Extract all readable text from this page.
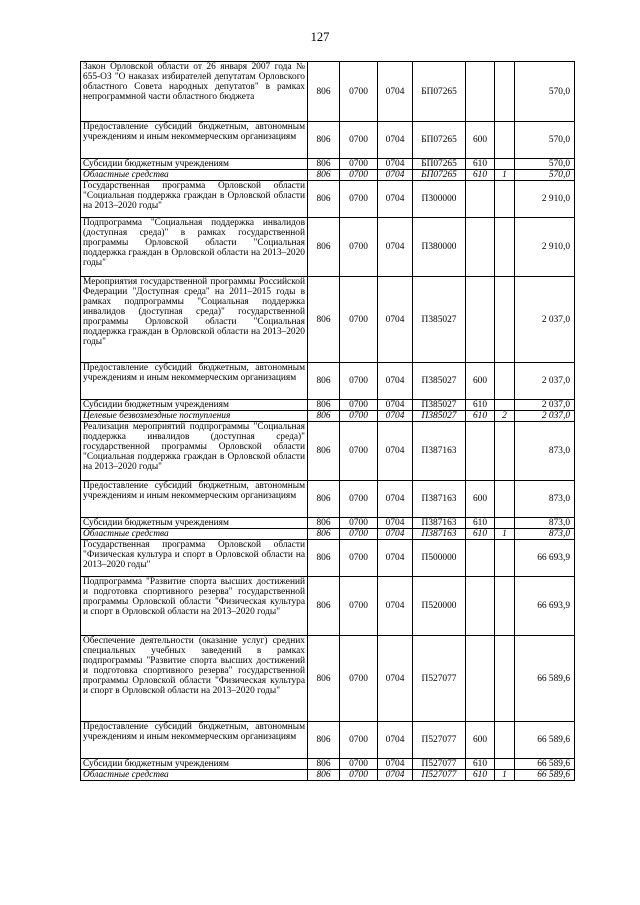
127
Закон Орловской области от 26 января 2007 года № 655-ОЗ "О наказах избирателей депутатам Орловского областного Совета народных депутатов" в рамках непрограммной части областного бюджета	806	0700	0704	БП07265			570,0
Предоставление субсидий бюджетным, автономным учреждениям и иным некоммерческим организациям	806	0700	0704	БП07265	600		570,0
Субсидии бюджетным учреждениям	806	0700	0704	БП07265	610		570,0
Областные средства	806	0700	0704	БП07265	610	1	570,0
Государственная программа Орловской области "Социальная поддержка граждан в Орловской области на 2013–2020 годы"	806	0700	0704	П300000			2 910,0
Подпрограмма "Социальная поддержка инвалидов (доступная среда)" в рамках государственной программы Орловской области "Социальная поддержка граждан в Орловской области на 2013–2020 годы"	806	0700	0704	П380000			2 910,0
Мероприятия государственной программы Российской Федерации "Доступная среда" на 2011–2015 годы в рамках подпрограммы "Социальная поддержка инвалидов (доступная среда)" государственной программы Орловской области "Социальная поддержка граждан в Орловской области на 2013–2020 годы"	806	0700	0704	П385027			2 037,0
Предоставление субсидий бюджетным, автономным учреждениям и иным некоммерческим организациям	806	0700	0704	П385027	600		2 037,0
Субсидии бюджетным учреждениям	806	0700	0704	П385027	610		2 037,0
Целевые безвозмездные поступления	806	0700	0704	П385027	610	2	2 037,0
Реализация мероприятий подпрограммы "Социальная поддержка инвалидов (доступная среда)" государственной программы Орловской области "Социальная поддержка граждан в Орловской области на 2013–2020 годы"	806	0700	0704	П387163			873,0
Предоставление субсидий бюджетным, автономным учреждениям и иным некоммерческим организациям	806	0700	0704	П387163	600		873,0
Субсидии бюджетным учреждениям	806	0700	0704	П387163	610		873,0
Областные средства	806	0700	0704	П387163	610	1	873,0
Государственная программа Орловской области "Физическая культура и спорт в Орловской области на 2013–2020 годы"	806	0700	0704	П500000			66 693,9
Подпрограмма "Развитие спорта высших достижений и подготовка спортивного резерва" государственной программы Орловской области "Физическая культура и спорт в Орловской области на 2013–2020 годы"	806	0700	0704	П520000			66 693,9
Обеспечение деятельности (оказание услуг) средних специальных учебных заведений в рамках подпрограммы "Развитие спорта высших достижений и подготовка спортивного резерва" государственной программы Орловской области "Физическая культура и спорт в Орловской области на 2013–2020 годы"	806	0700	0704	П527077			66 589,6
Предоставление субсидий бюджетным, автономным учреждениям и иным некоммерческим организациям	806	0700	0704	П527077	600		66 589,6
Субсидии бюджетным учреждениям	806	0700	0704	П527077	610		66 589,6
Областные средства	806	0700	0704	П527077	610	1	66 589,6
